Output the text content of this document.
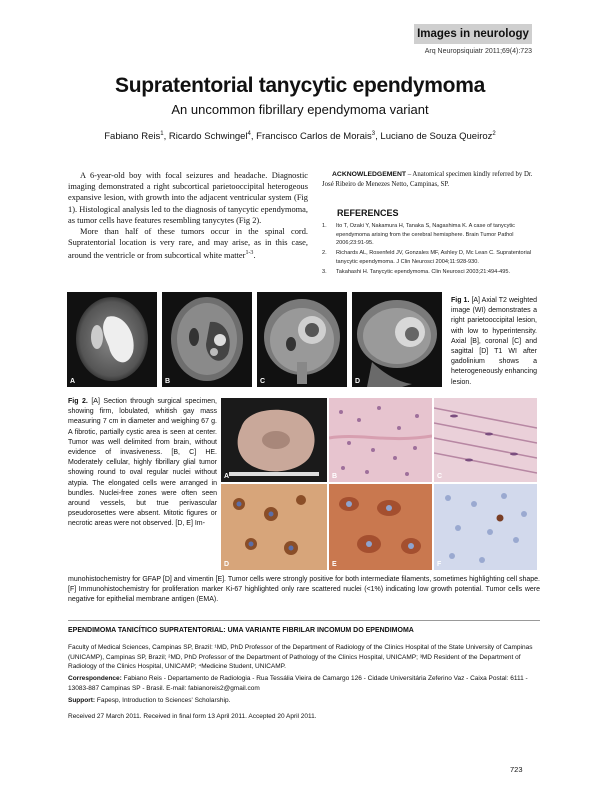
Images in neurology
Arq Neuropsiquiatr 2011;69(4):723
Supratentorial tanycytic ependymoma
An uncommon fibrillary ependymoma variant
Fabiano Reis$^1$, Ricardo Schwingel$^4$, Francisco Carlos de Morais$^3$, Luciano de Souza Queiroz$^2$

A 6-year-old boy with focal seizures and headache. Diagnostic imaging demonstrated a right subcortical parietooccipital heterogeous expansive lesion, with growth into the adjacent ventricular system (Fig 1). Histological analysis led to the diagnosis of tanycytic ependymoma, as tumor cells have features resembling tanycytes (Fig 2).

More than half of these tumors occur in the spinal cord. Supratentorial location is very rare, and may arise, as in this case, around the ventricle or from subcortical white matter$^{1-3}$.

ACKNOWLEDGEMENT – Anatomical specimen kindly referred by Dr. José Ribeiro de Menezes Netto, Campinas, SP.
REFERENCES
1.	Ito T, Ozaki Y, Nakamura H, Tanaka S, Nagashima K. A case of tanycytic ependymoma arising from the cerebral hemisphere. Brain Tumor Pathol 2006;23:91-95.
2.	Richards AL, Rosenfeld JV, Gonzales MF, Ashley D, Mc Lean C. Supratentorial tanycytic ependymoma. J Clin Neurosci 2004;11:928-930.
3.	Takahashi H. Tanycytic ependymoma. Clin Neurosci 2003;21:494-495.
A	B	C	D
Fig 1. [A] Axial T2 weighted image (WI) demonstrates a right parietooccipital lesion, with low to hyperintensity. Axial [B], coronal [C] and sagittal [D] T1 WI after gadolinium shows a heterogeneously enhancing lesion.
Fig 2. [A] Section through surgical specimen, showing firm, lobulated, whitish gay mass measuring 7 cm in diameter and weighing 67 g. A fibrotic, partially cystic area is seen at center. Tumor was well delimited from brain, without evidence of invasiveness. [B, C] HE. Moderately cellular, highly fibrillary glial tumor showing round to oval regular nuclei without atypia. The elongated cells were arranged in bundles. Nuclei-free zones were often seen around vessels, but true perivascular pseudorosettes were absent. Mitotic figures or necrotic areas were not observed. [D, E] Im-
A	B	C
D	E	F
munohistochemistry for GFAP [D] and vimentin [E]. Tumor cells were strongly positive for both intermediate filaments, sometimes highlighting cell shape. [F] Immunohistochemistry for proliferation marker Ki-67 highlighted only rare scattered nuclei (<1%) indicating low growth potential. Tumor cells were negative for epithelial membrane antigen (EMA).
EPENDIMOMA TANICÍTICO SUPRATENTORIAL: UMA VARIANTE FIBRILAR INCOMUM DO EPENDIMOMA
Faculty of Medical Sciences, Campinas SP, Brazil: ¹MD, PhD Professor of the Department of Radiology of the Clinics Hospital of the State University of Campinas (UNICAMP), Campinas SP, Brazil; ²MD, PhD Professor of the Department of Pathology of the Clinics Hospital, UNICAMP; ³MD Resident of the Department of Radiology of the Clinics Hospital, UNICAMP; ⁴Medicine Student, UNICAMP.
Correspondence: Fabiano Reis - Departamento de Radiologia - Rua Tessália Vieira de Camargo 126 - Cidade Universitária Zeferino Vaz - Caixa Postal: 6111 - 13083-887 Campinas SP - Brasil. E-mail: fabianoreis2@gmail.com
Support: Fapesp, Introduction to Sciences' Scholarship.
Received 27 March 2011. Received in final form 13 April 2011. Accepted 20 April 2011.
723
